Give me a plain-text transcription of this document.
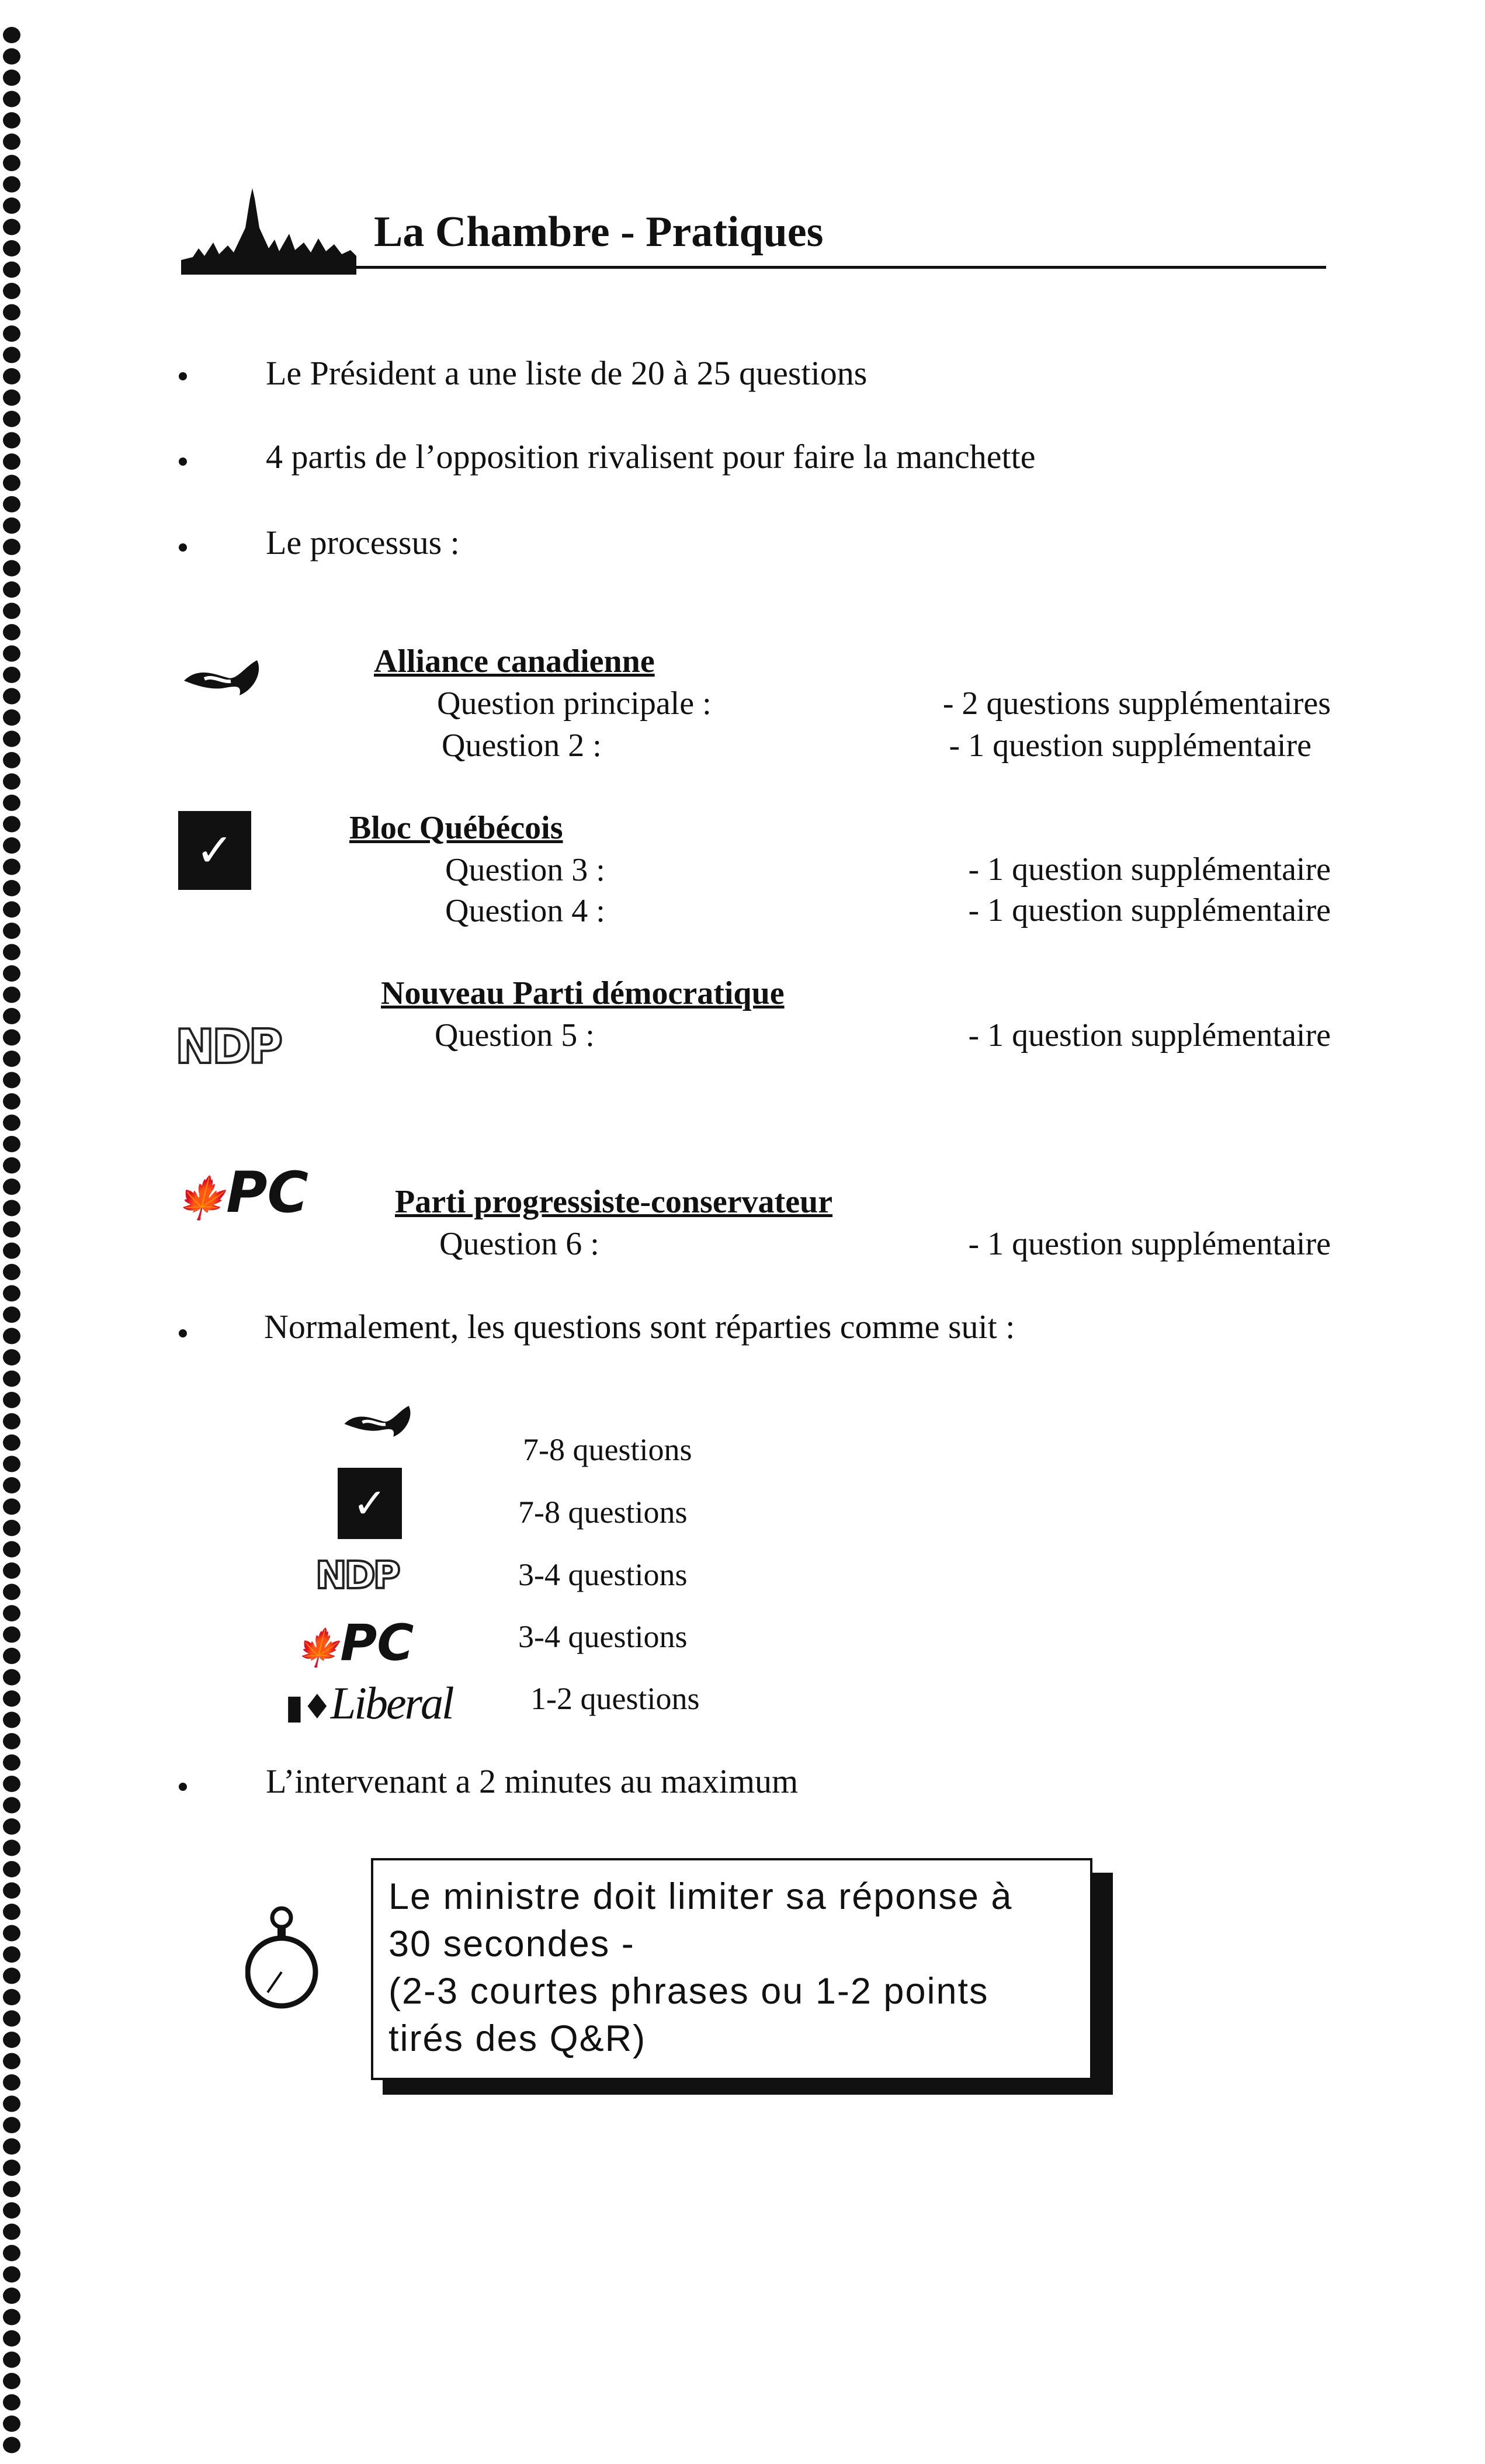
La Chambre - Pratiques
Le Président a une liste de 20 à 25 questions
4 partis de l’opposition rivalisent pour faire la manchette
Le processus :
Alliance canadienne
Question principale :	- 2 questions supplémentaires
Question 2 :	- 1 question supplémentaire
✓	Bloc Québécois
Question 3 :	- 1 question supplémentaire
Question 4 :	- 1 question supplémentaire
NDP
Nouveau Parti démocratique
Question 5 :	- 1 question supplémentaire
🍁PC	Parti progressiste-conservateur
Question 6 :	- 1 question supplémentaire
Normalement, les questions sont réparties comme suit :
7-8 questions
✓	7-8 questions
NDP	3-4 questions
🍁PC	3-4 questions
▮♦Liberal 1-2 questions
L’intervenant a 2 minutes au maximum
Le ministre doit limiter sa réponse à
30 secondes -
(2-3 courtes phrases ou 1-2 points
tirés des Q&R)
